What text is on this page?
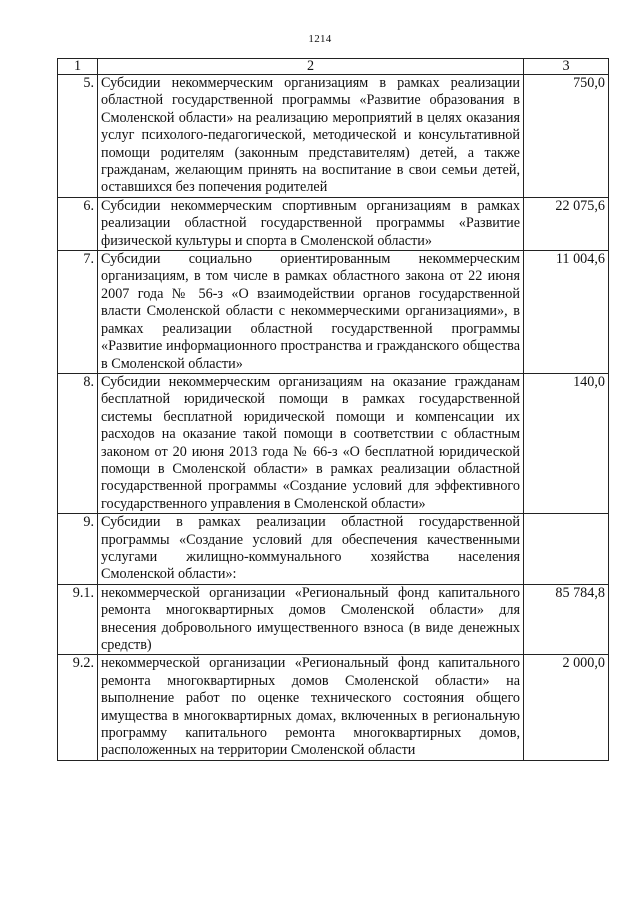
1214
1	2	3
5.	Субсидии некоммерческим организациям в рамках реализации областной государственной программы «Развитие образования в Смоленской области» на реализацию мероприятий в целях оказания услуг психолого-педагогической, методической и консультативной помощи родителям (законным представителям) детей, а также гражданам, желающим принять на воспитание в свои семьи детей, оставшихся без попечения родителей	750,0
6.	Субсидии некоммерческим спортивным организациям в рамках реализации областной государственной программы «Развитие физической культуры и спорта в Смоленской области»	22 075,6
7.	Субсидии социально ориентированным некоммерческим организациям, в том числе в рамках областного закона от 22 июня 2007 года № 56-з «О взаимодействии органов государственной власти Смоленской области с некоммерческими организациями», в рамках реализации областной государственной программы «Развитие информационного пространства и гражданского общества в Смоленской области»	11 004,6
8.	Субсидии некоммерческим организациям на оказание гражданам бесплатной юридической помощи в рамках государственной системы бесплатной юридической помощи и компенсации их расходов на оказание такой помощи в соответствии с областным законом от 20 июня 2013 года № 66-з «О бесплатной юридической помощи в Смоленской области» в рамках реализации областной государственной программы «Создание условий для эффективного государственного управления в Смоленской области»	140,0
9.	Субсидии в рамках реализации областной государственной программы «Создание условий для обеспечения качественными услугами жилищно-коммунального хозяйства населения Смоленской области»:	
9.1.	некоммерческой организации «Региональный фонд капитального ремонта многоквартирных домов Смоленской области» для внесения добровольного имущественного взноса (в виде денежных средств)	85 784,8
9.2.	некоммерческой организации «Региональный фонд капитального ремонта многоквартирных домов Смоленской области» на выполнение работ по оценке технического состояния общего имущества в многоквартирных домах, включенных в региональную программу капитального ремонта многоквартирных домов, расположенных на территории Смоленской области	2 000,0
